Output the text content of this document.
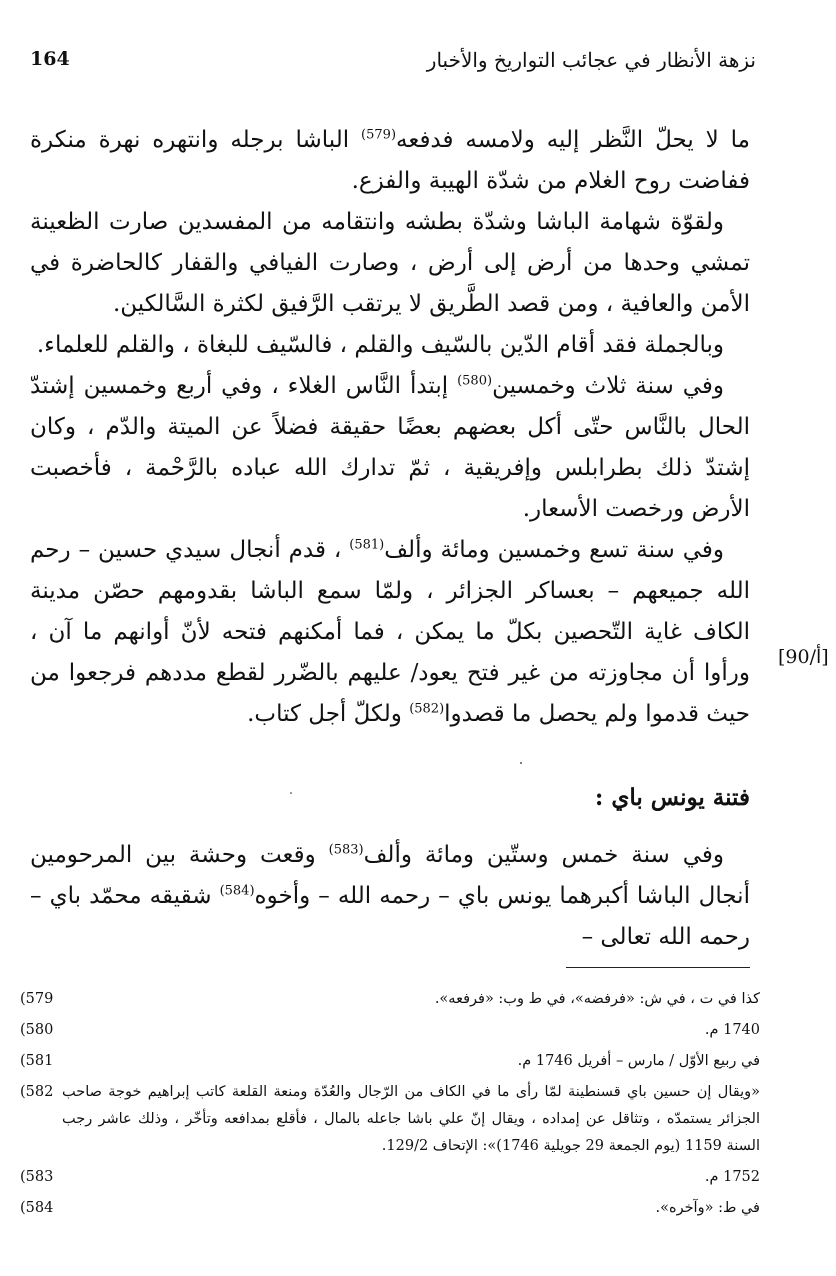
164	نزهة الأنظار في عجائب التواريخ والأخبار

ما لا يحلّ النَّظر إليه ولامسه فدفعه$^{(579)}$ الباشا برجله وانتهره نهرة منكرة ففاضت روح الغلام من شدّة الهيبة والفزع.

ولقوّة شهامة الباشا وشدّة بطشه وانتقامه من المفسدين صارت الظعينة تمشي وحدها من أرض إلى أرض ، وصارت الفيافي والقفار كالحاضرة في الأمن والعافية ، ومن قصد الطَّريق لا يرتقب الرَّفيق لكثرة السَّالكين.

وبالجملة فقد أقام الدّين بالسّيف والقلم ، فالسّيف للبغاة ، والقلم للعلماء.

وفي سنة ثلاث وخمسين$^{(580)}$ إبتدأ النَّاس الغلاء ، وفي أربع وخمسين إشتدّ الحال بالنَّاس حتّى أكل بعضهم بعضًا حقيقة فضلاً عن الميتة والدّم ، وكان إشتدّ ذلك بطرابلس وإفريقية ، ثمّ تدارك الله عباده بالرَّحْمة ، فأخصبت الأرض ورخصت الأسعار.

وفي سنة تسع وخمسين ومائة وألف$^{(581)}$ ، قدم أنجال سيدي حسين – رحم الله جميعهم – بعساكر الجزائر ، ولمّا سمع الباشا بقدومهم حصّن مدينة الكاف غاية التّحصين بكلّ ما يمكن ، فما أمكنهم فتحه لأنّ أوانهم ما آن ، ورأوا أن مجاوزته من غير فتح يعود/ عليهم بالضّرر لقطع مددهم فرجعوا من حيث قدموا ولم يحصل ما قصدوا$^{(582)}$ ولكلّ أجل كتاب.

[90/أ]
فتنة يونس باي :

وفي سنة خمس وستّين ومائة وألف$^{(583)}$ وقعت وحشة بين المرحومين أنجال الباشا أكبرهما يونس باي – رحمه الله – وأخوه$^{(584)}$ شقيقه محمّد باي – رحمه الله تعالى –

كذا في ت ، في ش: «فرفضه»، في ط وب: «فرفعه».
(579
1740 م.
(580
في ربيع الأوّل / مارس – أفريل 1746 م.
(581
«ويقال إن حسين باي قسنطينة لمّا رأى ما في الكاف من الرّجال والعُدّة ومنعة القلعة كاتب إبراهيم خوجة صاحب الجزائر يستمدّه ، وتثاقل عن إمداده ، ويقال إنّ علي باشا جاعله بالمال ، فأقلع بمدافعه وتأخّر ، وذلك عاشر رجب السنة 1159 (يوم الجمعة 29 جويلية 1746)»: الإتحاف 129/2.
(582
1752 م.
(583
في ط: «وآخره».
(584
